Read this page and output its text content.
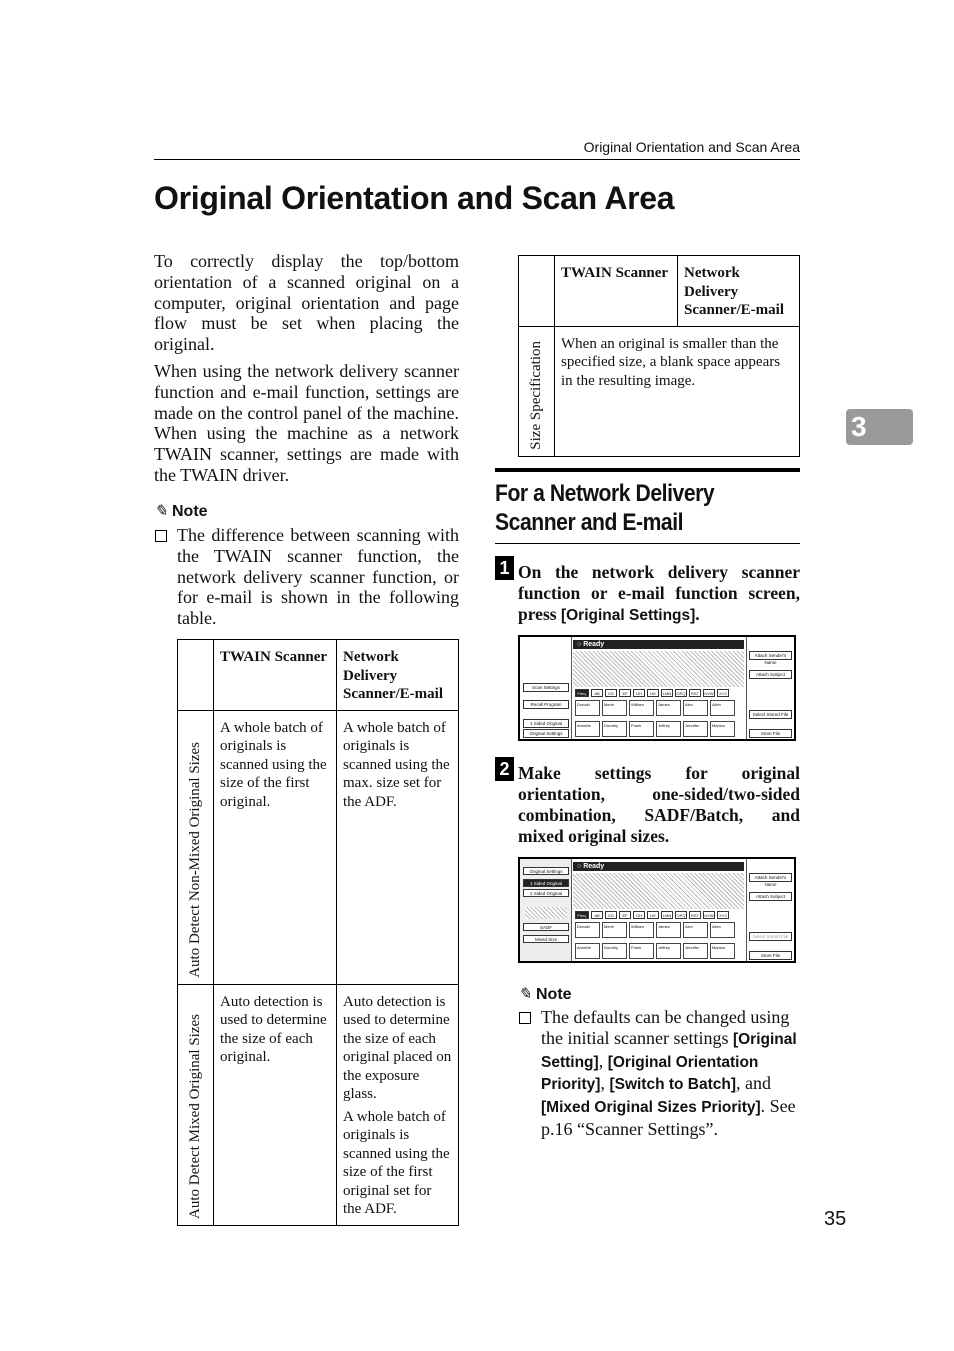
Original Orientation and Scan Area
Original Orientation and Scan Area

To correctly display the top/bottom orientation of a scanned original on a computer, original orientation and page flow must be set when placing the original.

When using the network delivery scanner function and e-mail function, settings are made on the control panel of the machine. When using the machine as a network TWAIN scanner, settings are made with the TWAIN driver.

✎ Note

The difference between scanning with the TWAIN scanner function, the network delivery scanner function, or for e-mail is shown in the following table.

	TWAIN Scanner	Network Delivery Scanner/E-mail

Auto Detect Non-Mixed Original Sizes	A whole batch of originals is scanned using the size of the first original.	A whole batch of originals is scanned using the max. size set for the ADF.

Auto Detect Mixed Original Sizes	Auto detection is used to determine the size of each original.	Auto detection is used to determine the size of each original placed on the exposure glass.
A whole batch of originals is scanned using the size of the first original set for the ADF.
	TWAIN Scanner	Network Delivery Scanner/E-mail

Size Specification	When an original is smaller than the specified size, a blank space appears in the resulting image.	
3
For a Network Delivery Scanner and E-mail
1 On the network delivery scanner function or e-mail function screen, press [Original Settings].

Scan Settings
Recall Program
1 Sided Original
Original Settings
○ Ready
Freq.	AB	CD	EF	GH	IJK	LMN	OPQ	RST	UVW	XYZ
Donald	Merle	William	James	Alex	Allen
Annette	Dorothy	Frank	Jeffrey	Jennifer	Marilou
Attach Sender's Name
Attach Subject
Select Stored File
Store File
2 Make settings for original orientation, one-sided/two-sided combination, SADF/Batch, and mixed original sizes.

Original Settings
1 Sided Original
2 Sided Original
SADF
Mixed Size
○ Ready
Freq.	AB	CD	EF	GH	IJK	LMN	OPQ	RST	UVW	XYZ
Donald	Merle	William	James	Alex	Allen
Annette	Dorothy	Frank	Jeffrey	Jennifer	Marilou
Attach Sender's Name
Attach Subject
Select Stored File
Store File
✎ Note

The defaults can be changed using the initial scanner settings [Original Setting], [Original Orientation Priority], [Switch to Batch], and [Mixed Original Sizes Priority]. See p.16 “Scanner Settings”.

35
